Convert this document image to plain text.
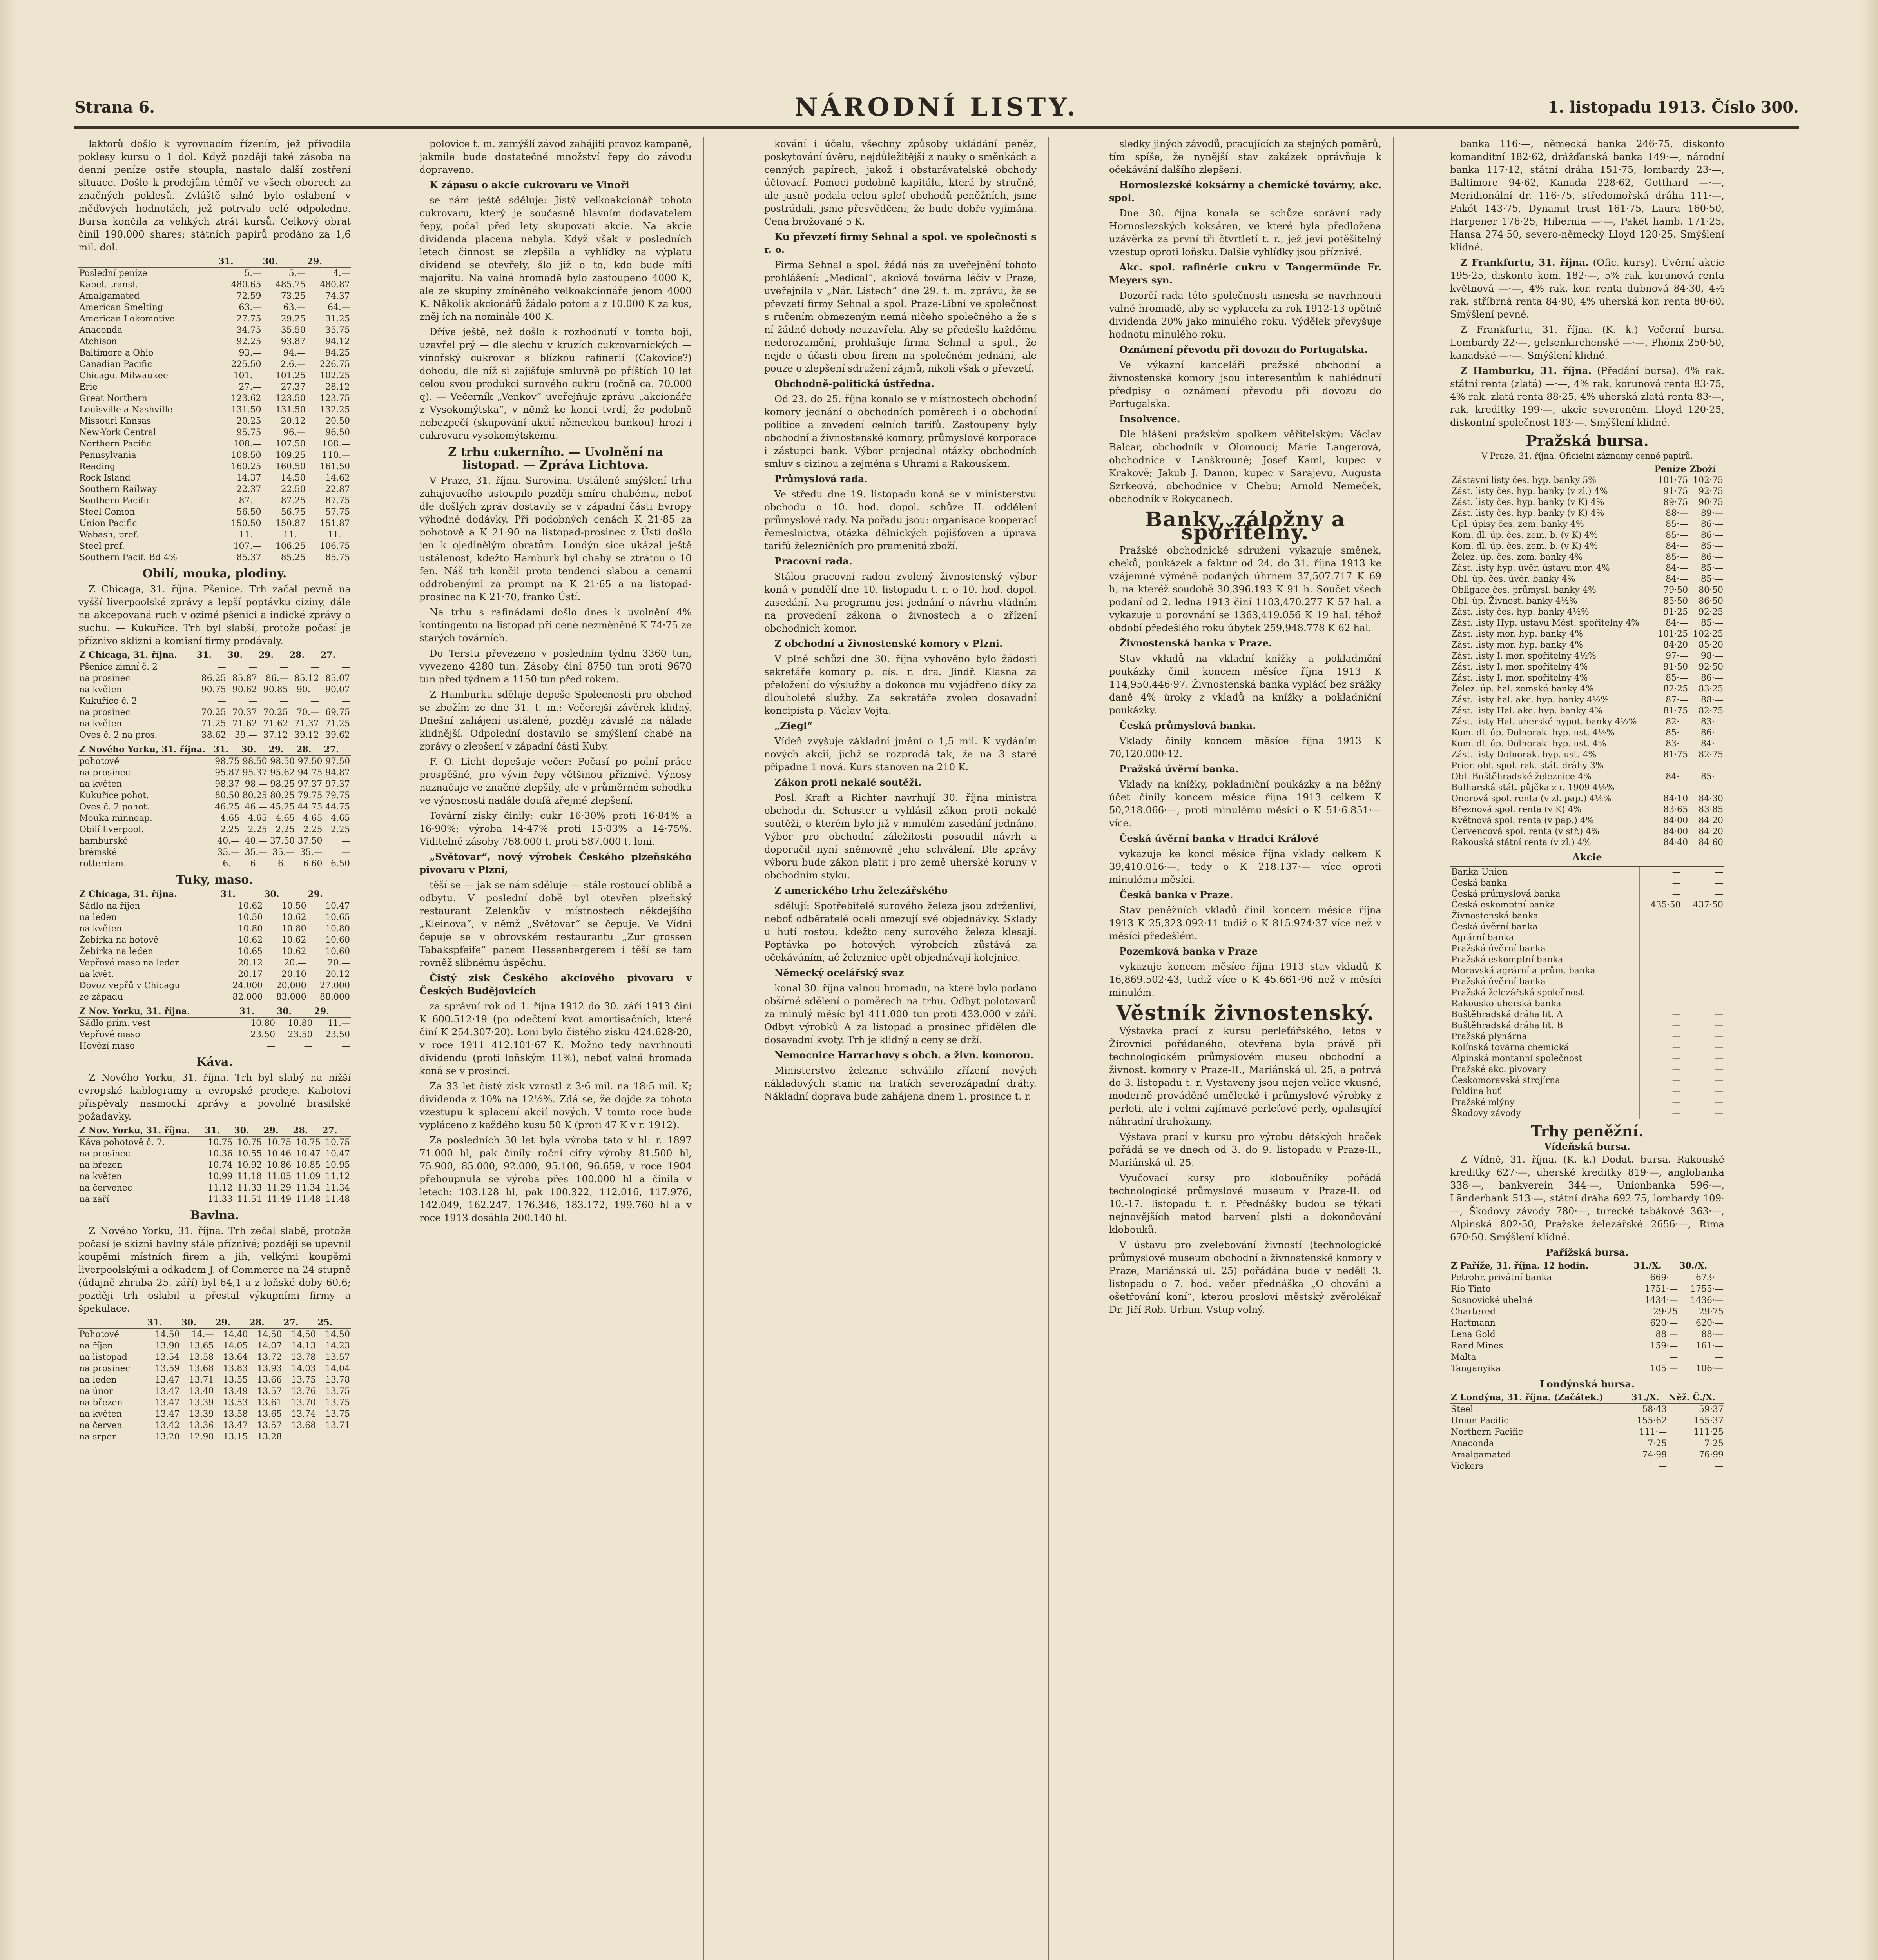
Strana 6.	NÁRODNÍ LISTY.	1. listopadu 1913. Číslo 300.

laktorů došlo k vyrovnacím řízením, jež přivodila poklesy kursu o 1 dol. Když později také zásoba na denní peníze ostře stoupla, nastalo další zostření situace. Došlo k prodejům téměř ve všech oborech za značných poklesů. Zvláště silné bylo oslabení v měďových hodnotách, jež potrvalo celé odpoledne. Bursa končila za velikých ztrát kursů. Celkový obrat činil 190.000 shares; státních papírů prodáno za 1,6 mil. dol.

	31.	30.	29.
Poslední peníze	5.—	5.—	4.—
Kabel. transf.	480.65	485.75	480.87
Amalgamated	72.59	73.25	74.37
American Smelting	63.—	63.—	64.—
American Lokomotive	27.75	29.25	31.25
Anaconda	34.75	35.50	35.75
Atchison	92.25	93.87	94.12
Baltimore a Ohio	93.—	94.—	94.25
Canadian Pacific	225.50	2.6.—	226.75
Chicago, Milwaukee	101.—	101.25	102.25
Erie	27.—	27.37	28.12
Great Northern	123.62	123.50	123.75
Louisville a Nashville	131.50	131.50	132.25
Missouri Kansas	20.25	20.12	20.50
New-York Central	95.75	96.—	96.50
Northern Pacific	108.—	107.50	108.—
Pennsylvania	108.50	109.25	110.—
Reading	160.25	160.50	161.50
Rock Island	14.37	14.50	14.62
Southern Railway	22.37	22.50	22.87
Southern Pacific	87.—	87.25	87.75
Steel Comon	56.50	56.75	57.75
Union Pacific	150.50	150.87	151.87
Wabash, pref.	11.—	11.—	11.—
Steel pref.	107.—	106.25	106.75
Southern Pacif. Bd 4%	85.37	85.25	85.75
Obilí, mouka, plodiny.

Z Chicaga, 31. října. Pšenice. Trh začal pevně na vyšší liverpoolské zprávy a lepší poptávku ciziny, dále na akcepovaná ruch v ozimé pšenici a indické zprávy o suchu. — Kukuřice. Trh byl slabší, protože počasí je příznivo sklizni a komisní firmy prodávaly.

Z Chicaga, 31. října.	31.	30.	29.	28.	27.
Pšenice zimní č. 2	—	—	—	—	—
na prosinec	86.25	85.87	86.—	85.12	85.07
na květen	90.75	90.62	90.85	90.—	90.07
Kukuřice č. 2	—	—	—	—	—
na prosinec	70.25	70.37	70.25	70.—	69.75
na květen	71.25	71.62	71.62	71.37	71.25
Oves č. 2 na pros.	38.62	39.—	37.12	39.12	39.62
Z Nového Yorku, 31. října.	31.	30.	29.	28.	27.
pohotově	98.75	98.50	98.50	97.50	97.50
na prosinec	95.87	95.37	95.62	94.75	94.87
na květen	98.37	98.—	98.25	97.37	97.37
Kukuřice pohot.	80.50	80.25	80.25	79.75	79.75
Oves č. 2 pohot.	46.25	46.—	45.25	44.75	44.75
Mouka minneap.	4.65	4.65	4.65	4.65	4.65
Obilí liverpool.	2.25	2.25	2.25	2.25	2.25
hamburské	40.—	40.—	37.50	37.50	—
brémské	35.—	35.—	35.—	35.—	—
rotterdam.	6.—	6.—	6.—	6.60	6.50
Tuky, maso.
Z Chicaga, 31. října.	31.	30.	29.
Sádlo na říjen	10.62	10.50	10.47
na leden	10.50	10.62	10.65
na květen	10.80	10.80	10.80
Žebírka na hotově	10.62	10.62	10.60
Žebírka na leden	10.65	10.62	10.60
Vepřové maso na leden	20.12	20.—	20.—
na květ.	20.17	20.10	20.12
Dovoz vepřů v Chicagu	24.000	20.000	27.000
ze západu	82.000	83.000	88.000
Z Nov. Yorku, 31. října.	31.	30.	29.
Sádlo prim. vest	10.80	10.80	11.—
Vepřové maso	23.50	23.50	23.50
Hovězí maso	—	—	—
Káva.

Z Nového Yorku, 31. října. Trh byl slabý na nižší evropské kablogramy a evropské prodeje. Kabotoví přispěvaly nasmockí zprávy a povolné brasilské požadavky.

Z Nov. Yorku, 31. října.	31.	30.	29.	28.	27.
Káva pohotově č. 7.	10.75	10.75	10.75	10.75	10.75
na prosinec	10.36	10.55	10.46	10.47	10.47
na březen	10.74	10.92	10.86	10.85	10.95
na květen	10.99	11.18	11.05	11.09	11.12
na červenec	11.12	11.33	11.29	11.34	11.34
na září	11.33	11.51	11.49	11.48	11.48
Bavlna.

Z Nového Yorku, 31. října. Trh zečal slabě, protože počasí je skizni bavlny stále příznivé; později se upevnil koupěmi místních firem a jih, velkými koupěmi liverpoolskými a odkadem J. of Commerce na 24 stupně (údajně zhruba 25. září) byl 64,1 a z loňské doby 60.6; později trh oslabil a přestal výkupními firmy a špekulace.

	31.	30.	29.	28.	27.	25.
Pohotově	14.50	14.—	14.40	14.50	14.50	14.50
na říjen	13.90	13.65	14.05	14.07	14.13	14.23
na listopad	13.54	13.58	13.64	13.72	13.78	13.57
na prosinec	13.59	13.68	13.83	13.93	14.03	14.04
na leden	13.47	13.71	13.55	13.66	13.75	13.78
na únor	13.47	13.40	13.49	13.57	13.76	13.75
na březen	13.47	13.39	13.53	13.61	13.70	13.75
na květen	13.47	13.39	13.58	13.65	13.74	13.75
na červen	13.42	13.36	13.47	13.57	13.68	13.71
na srpen	13.20	12.98	13.15	13.28	—	—

polovice t. m. zamýšlí závod zahájiti provoz kampaně, jakmile bude dostatečné množství řepy do závodu dopraveno.

K zápasu o akcie cukrovaru ve Vinoři

se nám ještě sděluje: Jistý velkoakcionář tohoto cukrovaru, který je současně hlavním dodavatelem řepy, počal před lety skupovati akcie. Na akcie dividenda placena nebyla. Když však v posledních letech činnost se zlepšila a vyhlídky na výplatu dividend se otevřely, šlo již o to, kdo bude míti majoritu. Na valné hromadě bylo zastoupeno 4000 K, ale ze skupiny zmíněného velkoakcionáře jenom 4000 K. Několik akcionářů žádalo potom a z 10.000 K za kus, zněj ích na nominále 400 K.

Dříve ještě, než došlo k rozhodnutí v tomto boji, uzavřel prý — dle slechu v kruzích cukrovarnických — vinořský cukrovar s blízkou rafinerií (Cakovice?) dohodu, dle níž si zajišťuje smluvně po příštích 10 let celou svou produkci surového cukru (ročně ca. 70.000 q). — Večerník „Venkov“ uveřejňuje zprávu „akcionáře z Vysokomýtska“, v němž ke konci tvrdí, že podobně nebezpečí (skupování akcií německou bankou) hrozí i cukrovaru vysokomýtskému.

Z trhu cukerního. — Uvolnění na listopad. — Zpráva Lichtova.

V Praze, 31. října. Surovina. Ustálené smýšlení trhu zahajovacího ustoupilo později smíru chabému, neboť dle došlých zpráv dostavily se v západní části Evropy výhodné dodávky. Při podobných cenách K 21·85 za pohotově a K 21·90 na listopad-prosinec z Ústí došlo jen k ojedinělým obratům. Londýn sice ukázal ještě ustálenost, kdežto Hamburk byl chabý se ztrátou o 10 fen. Náš trh končil proto tendenci slabou a cenami oddrobenými za prompt na K 21·65 a na listopad-prosinec na K 21·70, franko Ústí.

Na trhu s rafinádami došlo dnes k uvolnění 4% kontingentu na listopad při ceně nezměněné K 74·75 ze starých továrních.

Do Terstu převezeno v posledním týdnu 3360 tun, vyvezeno 4280 tun. Zásoby činí 8750 tun proti 9670 tun před týdnem a 1150 tun před rokem.

Z Hamburku sděluje depeše Spolecnosti pro obchod se zbožím ze dne 31. t. m.: Večerejší závěrek klidný. Dnešní zahájení ustálené, později závislé na nálade klidnější. Odpolední dostavilo se smýšlení chabé na zprávy o zlepšení v západní části Kuby.

F. O. Licht depešuje večer: Počasí po polní práce prospěšné, pro vývin řepy většinou příznivé. Výnosy naznačuje ve značné zlepšily, ale v průměrném schodku ve výnosnosti nadále doufá zřejmé zlepšení.

Tovární zisky činily: cukr 16·30% proti 16·84% a 16·90%; výroba 14·47% proti 15·03% a 14·75%. Viditelné zásoby 768.000 t. proti 587.000 t. loni.

„Světovar“, nový výrobek Českého plzeňského pivovaru v Plzni,

těší se — jak se nám sděluje — stále rostoucí oblibě a odbytu. V poslední době byl otevřen plzeňský restaurant Zelenkův v místnostech někdejšího „Kleinova“, v němž „Světovar“ se čepuje. Ve Vídni čepuje se v obrovském restaurantu „Zur grossen Tabakspfeife“ panem Hessenbergerem i těší se tam rovněž slibnému úspěchu.

Čistý zisk Českého akciového pivovaru v Českých Budějovicích

za správní rok od 1. října 1912 do 30. září 1913 činí K 600.512·19 (po odečtení kvot amortisačních, které činí K 254.307·20). Loni bylo čistého zisku 424.628·20, v roce 1911 412.101·67 K. Možno tedy navrhnouti dividendu (proti loňským 11%), neboť valná hromada koná se v prosinci.

Za 33 let čistý zisk vzrostl z 3·6 mil. na 18·5 mil. K; dividenda z 10% na 12½%. Zdá se, že dojde za tohoto vzestupu k splacení akcií nových. V tomto roce bude vypláceno z každého kusu 50 K (proti 47 K v r. 1912).

Za posledních 30 let byla výroba tato v hl: r. 1897 71.000 hl, pak činily roční cifry výroby 81.500 hl, 75.900, 85.000, 92.000, 95.100, 96.659, v roce 1904 přehoupnula se výroba přes 100.000 hl a činila v letech: 103.128 hl, pak 100.322, 112.016, 117.976, 142.049, 162.247, 176.346, 183.172, 199.760 hl a v roce 1913 dosáhla 200.140 hl.

kování i účelu, všechny způsoby ukládání peněz, poskytování úvěru, nejdůležitější z nauky o směnkách a cenných papírech, jakož i obstarávatelské obchody účtovací. Pomoci podobně kapitálu, která by stručně, ale jasně podala celou spleť obchodů peněžních, jsme postrádali, jsme přesvědčeni, že bude dobře vyjímána. Cena brožované 5 K.

Ku převzetí firmy Sehnal a spol. ve společnosti s r. o.

Firma Sehnal a spol. žádá nás za uveřejnění tohoto prohlášení: „Medical“, akciová továrna léčiv v Praze, uveřejnila v „Nár. Listech“ dne 29. t. m. zprávu, že se převzetí firmy Sehnal a spol. Praze-Libni ve společnost s ručením obmezeným nemá ničeho společného a že s ní žádné dohody neuzavřela. Aby se předešlo každému nedorozumění, prohlašuje firma Sehnal a spol., že nejde o účasti obou firem na společném jednání, ale pouze o zlepšení sdružení zájmů, nikoli však o převzetí.

Obchodně-politická ústředna.

Od 23. do 25. října konalo se v místnostech obchodní komory jednání o obchodních poměrech i o obchodní politice a zavedení celních tarifů. Zastoupeny byly obchodní a živnostenské komory, průmyslové korporace i zástupci bank. Výbor projednal otázky obchodních smluv s cizinou a zejména s Uhrami a Rakouskem.

Průmyslová rada.

Ve středu dne 19. listopadu koná se v ministerstvu obchodu o 10. hod. dopol. schůze II. oddělení průmyslové rady. Na pořadu jsou: organisace kooperací řemeslnictva, otázka dělnických pojišťoven a úprava tarifů železničních pro pramenitá zboží.

Pracovní rada.

Stálou pracovní radou zvolený živnostenský výbor koná v pondělí dne 10. listopadu t. r. o 10. hod. dopol. zasedání. Na programu jest jednání o návrhu vládním na provedení zákona o živnostech a o zřízení obchodních komor.

Z obchodní a živnostenské komory v Plzni.

V plné schůzi dne 30. října vyhověno bylo žádosti sekretáře komory p. cís. r. dra. Jindř. Klasna za přeložení do výslužby a dokonce mu vyjádřeno díky za dlouholeté služby. Za sekretáře zvolen dosavadní koncipista p. Václav Vojta.

„Ziegl“

Vídeň zvyšuje základní jmění o 1,5 mil. K vydáním nových akcií, jichž se rozprodá tak, že na 3 staré připadne 1 nová. Kurs stanoven na 210 K.

Zákon proti nekalé soutěži.

Posl. Kraft a Richter navrhují 30. října ministra obchodu dr. Schuster a vyhlásil zákon proti nekalé soutěži, o kterém bylo již v minulém zasedání jednáno. Výbor pro obchodní záležitosti posoudil návrh a doporučil nyní sněmovně jeho schválení. Dle zprávy výboru bude zákon platit i pro země uherské koruny v obchodním styku.

Z amerického trhu železářského

sdělují: Spotřebitelé surového železa jsou zdrženliví, neboť odběratelé oceli omezují své objednávky. Sklady u hutí rostou, kdežto ceny surového železa klesají. Poptávka po hotových výrobcích zůstává za očekáváním, ač železnice opět objednávají kolejnice.

Německý ocelářský svaz

konal 30. října valnou hromadu, na které bylo podáno obšírné sdělení o poměrech na trhu. Odbyt polotovarů za minulý měsíc byl 411.000 tun proti 433.000 v září. Odbyt výrobků A za listopad a prosinec přidělen dle dosavadní kvoty. Trh je klidný a ceny se drží.

Nemocnice Harrachovy s obch. a živn. komorou.

Ministerstvo železnic schválilo zřízení nových nákladových stanic na tratích severozápadní dráhy. Nákladní doprava bude zahájena dnem 1. prosince t. r.

sledky jiných závodů, pracujících za stejných poměrů, tím spíše, že nynější stav zakázek oprávňuje k očekávání dalšího zlepšení.

Hornoslezské koksárny a chemické továrny, akc. spol.

Dne 30. října konala se schůze správní rady Hornoslezských koksáren, ve které byla předložena uzávěrka za první tři čtvrtletí t. r., jež jevi potěšitelný vzestup oproti loňsku. Dalšie vyhlídky jsou příznivé.

Akc. spol. rafinérie cukru v Tangermünde Fr. Meyers syn.

Dozorčí rada této společnosti usnesla se navrhnouti valné hromadě, aby se vyplacela za rok 1912-13 opětně dividenda 20% jako minulého roku. Výdělek převyšuje hodnotu minulého roku.

Oznámení převodu při dovozu do Portugalska.

Ve výkazní kanceláři pražské obchodní a živnostenské komory jsou interesentům k nahlédnutí předpisy o oznámení převodu při dovozu do Portugalska.

Insolvence.

Dle hlášení pražským spolkem věřitelským: Václav Balcar, obchodník v Olomouci; Marie Langerová, obchodnice v Lanškrouně; Josef Kaml, kupec v Krakově; Jakub J. Danon, kupec v Sarajevu, Augusta Szrkeová, obchodnice v Chebu; Arnold Nemeček, obchodník v Rokycanech.

Banky, záložny a spořitelny.

Pražské obchodnické sdružení vykazuje směnek, cheků, poukázek a faktur od 24. do 31. října 1913 ke vzájemné výměně podaných úhrnem 37,507.717 K 69 h, na kteréž soudobě 30,396.193 K 91 h. Součet všech podaní od 2. ledna 1913 činí 1103,470.277 K 57 hal. a vykazuje u porovnání se 1363,419.056 K 19 hal. téhož období předešlého roku úbytek 259,948.778 K 62 hal.

Živnostenská banka v Praze.

Stav vkladů na vkladní knížky a pokladniční poukázky činil koncem měsíce října 1913 K 114,950.446·97. Živnostenská banka vyplácí bez srážky daně 4% úroky z vkladů na knížky a pokladniční poukázky.

Česká průmyslová banka.

Vklady činily koncem měsíce října 1913 K 70,120.000·12.

Pražská úvěrní banka.

Vklady na knížky, pokladniční poukázky a na běžný účet činily koncem měsíce října 1913 celkem K 50,218.066·—, proti minulému měsíci o K 51·6.851·— více.

Česká úvěrní banka v Hradci Králové

vykazuje ke konci měsíce října vklady celkem K 39,410.016·—, tedy o K 218.137·— více oproti minulému měsíci.

Česká banka v Praze.

Stav peněžních vkladů činil koncem měsíce října 1913 K 25,323.092·11 tudiž o K 815.974·37 více než v měsíci předešlém.

Pozemková banka v Praze

vykazuje koncem měsíce října 1913 stav vkladů K 16,869.502·43, tudiž více o K 45.661·96 než v měsíci minulém.

Věstník živnostenský.

Výstavka prací z kursu perleťářského, letos v Žirovnici pořádaného, otevřena byla právě při technologickém průmyslovém museu obchodní a živnost. komory v Praze-II., Mariánská ul. 25, a potrvá do 3. listopadu t. r. Vystaveny jsou nejen velice vkusné, moderně prováděné umělecké i průmyslové výrobky z perleti, ale i velmi zajímavé perleťové perly, opalisující náhradní drahokamy.

Výstava prací v kursu pro výrobu dětských hraček pořádá se ve dnech od 3. do 9. listopadu v Praze-II., Mariánská ul. 25.

Vyučovací kursy pro kloboučníky pořádá technologické průmyslové museum v Praze-II. od 10.-17. listopadu t. r. Přednášky budou se týkati nejnovějších metod barvení plsti a dokončování klobouků.

V ústavu pro zvelebování živností (technologické průmyslové museum obchodní a živnostenské komory v Praze, Mariánská ul. 25) pořádána bude v neděli 3. listopadu o 7. hod. večer přednáška „O chováni a ošetřování koní“, kterou proslovi městský zvěrolékař Dr. Jiří Rob. Urban. Vstup volný.

banka 116·—, německá banka 246·75, diskonto komanditní 182·62, drážďanská banka 149·—, národní banka 117·12, státní dráha 151·75, lombardy 23·—, Baltimore 94·62, Kanada 228·62, Gotthard —·—, Meridionální dr. 116·75, středomořská dráha 111·—, Pakét 143·75, Dynamit trust 161·75, Laura 160·50, Harpener 176·25, Hibernia —·—, Pakét hamb. 171·25, Hansa 274·50, severo-německý Lloyd 120·25. Smýšlení klidné.

Z Frankfurtu, 31. října. (Ofic. kursy). Úvěrní akcie 195·25, diskonto kom. 182·—, 5% rak. korunová renta květnová —·—, 4% rak. kor. renta dubnová 84·30, 4½ rak. stříbrná renta 84·90, 4% uherská kor. renta 80·60. Smýšlení pevné.

Z Frankfurtu, 31. října. (K. k.) Večerní bursa. Lombardy 22·—, gelsenkirchenské —·—, Phönix 250·50, kanadské —·—. Smýšlení klidné.

Z Hamburku, 31. října. (Předání bursa). 4% rak. státní renta (zlatá) —·—, 4% rak. korunová renta 83·75, 4% rak. zlatá renta 88·25, 4% uherská zlatá renta 83·—, rak. kreditky 199·—, akcie severoněm. Lloyd 120·25, diskontní společnost 183·—. Smýšlení klidné.

Pražská bursa.
V Praze, 31. října. Oficielní záznamy cenné papírů.
	Peníze	Zboží
Zástavní listy čes. hyp. banky 5%	101·75	102·75
Zást. listy čes. hyp. banky (v zl.) 4%	91·75	92·75
Zást. listy čes. hyp. banky (v K) 4%	89·75	90·75
Zást. listy čes. hyp. banky (v K) 4%	88·—	89·—
Úpl. úpisy čes. zem. banky 4%	85·—	86·—
Kom. dl. úp. čes. zem. b. (v K) 4%	85·—	86·—
Kom. dl. úp. čes. zem. b. (v K) 4%	84·—	85·—
Želez. úp. čes. zem. banky 4%	85·—	86·—
Zást. listy hyp. úvěr. ústavu mor. 4%	84·—	85·—
Obl. úp. čes. úvěr. banky 4%	84·—	85·—
Obligace čes. průmysl. banky 4%	79·50	80·50
Obl. úp. Živnost. banky 4½%	85·50	86·50
Zást. listy čes. hyp. banky 4½%	91·25	92·25
Zást. listy Hyp. ústavu Měst. spořitelny 4%	84·—	85·—
Zást. listy mor. hyp. banky 4%	101·25	102·25
Zást. listy mor. hyp. banky 4%	84·20	85·20
Zást. listy I. mor. spořitelny 4½%	97·—	98·—
Zást. listy I. mor. spořitelny 4%	91·50	92·50
Zást. listy I. mor. spořitelny 4%	85·—	86·—
Želez. úp. hal. zemské banky 4%	82·25	83·25
Zást. listy hal. akc. hyp. banky 4½%	87·—	88·—
Zást. listy Hal. akc. hyp. banky 4%	81·75	82·75
Zást. listy Hal.-uherské hypot. banky 4½%	82·—	83·—
Kom. dl. úp. Dolnorak. hyp. ust. 4½%	85·—	86·—
Kom. dl. úp. Dolnorak. hyp. ust. 4%	83·—	84·—
Zást. listy Dolnorak. hyp. ust. 4%	81·75	82·75
Prior. obl. spol. rak. stát. dráhy 3%	—	—
Obl. Buštěhradské železnice 4%	84·—	85·—
Bulharská stát. půjčka z r. 1909 4½%	—	—
Onorová spol. renta (v zl. pap.) 4½%	84·10	84·30
Březnová spol. renta (v K) 4%	83·65	83·85
Květnová spol. renta (v pap.) 4%	84·00	84·20
Červencová spol. renta (v stř.) 4%	84·00	84·20
Rakouská státní renta (v zl.) 4%	84·40	84·60
Akcie
Banka Union	—	—
Česká banka	—	—
Česká průmyslová banka	—	—
Česká eskomptní banka	435·50	437·50
Živnostenská banka	—	—
Česká úvěrní banka	—	—
Agrární banka	—	—
Pražská úvěrní banka	—	—
Pražská eskomptní banka	—	—
Moravská agrární a prům. banka	—	—
Pražská úvěrní banka	—	—
Pražská železářská společnost	—	—
Rakousko-uherská banka	—	—
Buštěhradská dráha lit. A	—	—
Buštěhradská dráha lit. B	—	—
Pražská plynárna	—	—
Kolínská továrna chemická	—	—
Alpinská montanní společnost	—	—
Pražské akc. pivovary	—	—
Českomoravská strojírna	—	—
Poldina huť	—	—
Pražské mlýny	—	—
Škodovy závody	—	—
Trhy peněžní.
Vídeňská bursa.

Z Vídně, 31. října. (K. k.) Dodat. bursa. Rakouské kreditky 627·—, uherské kreditky 819·—, anglobanka 338·—, bankverein 344·—, Unionbanka 596·—, Länderbank 513·—, státní dráha 692·75, lombardy 109·—, Škodovy závody 780·—, turecké tabákové 363·—, Alpinská 802·50, Pražské železářské 2656·—, Rima 670·50. Smýšlení klidné.

Pařížská bursa.
Z Paříže, 31. října. 12 hodin.	31./X.	30./X.
Petrohr. privátní banka	669·—	673·—
Rio Tinto	1751·—	1755·—
Sosnovické uhelné	1434·—	1436·—
Chartered	29·25	29·75
Hartmann	620·—	620·—
Lena Gold	88·—	88·—
Rand Mines	159·—	161·—
Malta	—	—
Tanganyika	105·—	106·—
Londýnská bursa.
Z Londýna, 31. října. (Začátek.)	31./X.	Něž. Č./X.
Steel	58·43	59·37
Union Pacific	155·62	155·37
Northern Pacific	111·—	111·25
Anaconda	7·25	7·25
Amalgamated	74·99	76·99
Vickers	—	—
